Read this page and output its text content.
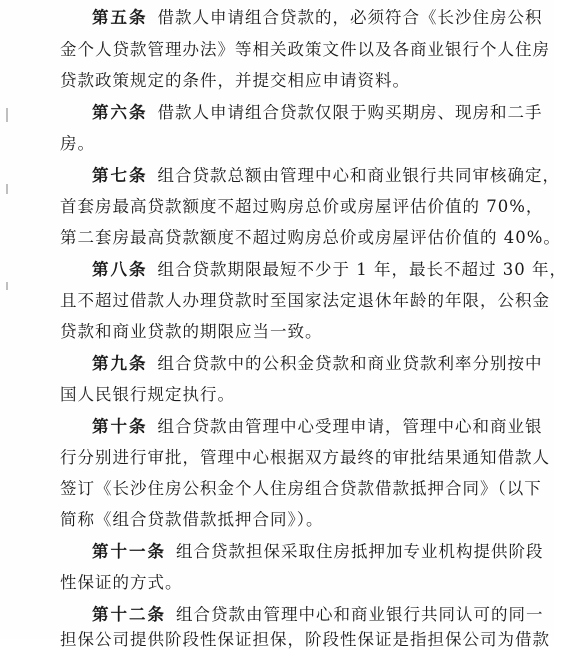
第五条 借款人申请组合贷款的，必须符合《长沙住房公积
金个人贷款管理办法》等相关政策文件以及各商业银行个人住房
贷款政策规定的条件，并提交相应申请资料。
第六条 借款人申请组合贷款仅限于购买期房、现房和二手
房。
第七条 组合贷款总额由管理中心和商业银行共同审核确定，
首套房最高贷款额度不超过购房总价或房屋评估价值的 70%，
第二套房最高贷款额度不超过购房总价或房屋评估价值的 40%。
第八条 组合贷款期限最短不少于 1 年，最长不超过 30 年，
且不超过借款人办理贷款时至国家法定退休年龄的年限，公积金
贷款和商业贷款的期限应当一致。
第九条 组合贷款中的公积金贷款和商业贷款利率分别按中
国人民银行规定执行。
第十条 组合贷款由管理中心受理申请，管理中心和商业银
行分别进行审批，管理中心根据双方最终的审批结果通知借款人
签订《长沙住房公积金个人住房组合贷款借款抵押合同》（以下
简称《组合贷款借款抵押合同》）。
第十一条 组合贷款担保采取住房抵押加专业机构提供阶段
性保证的方式。
第十二条 组合贷款由管理中心和商业银行共同认可的同一
担保公司提供阶段性保证担保，阶段性保证是指担保公司为借款
